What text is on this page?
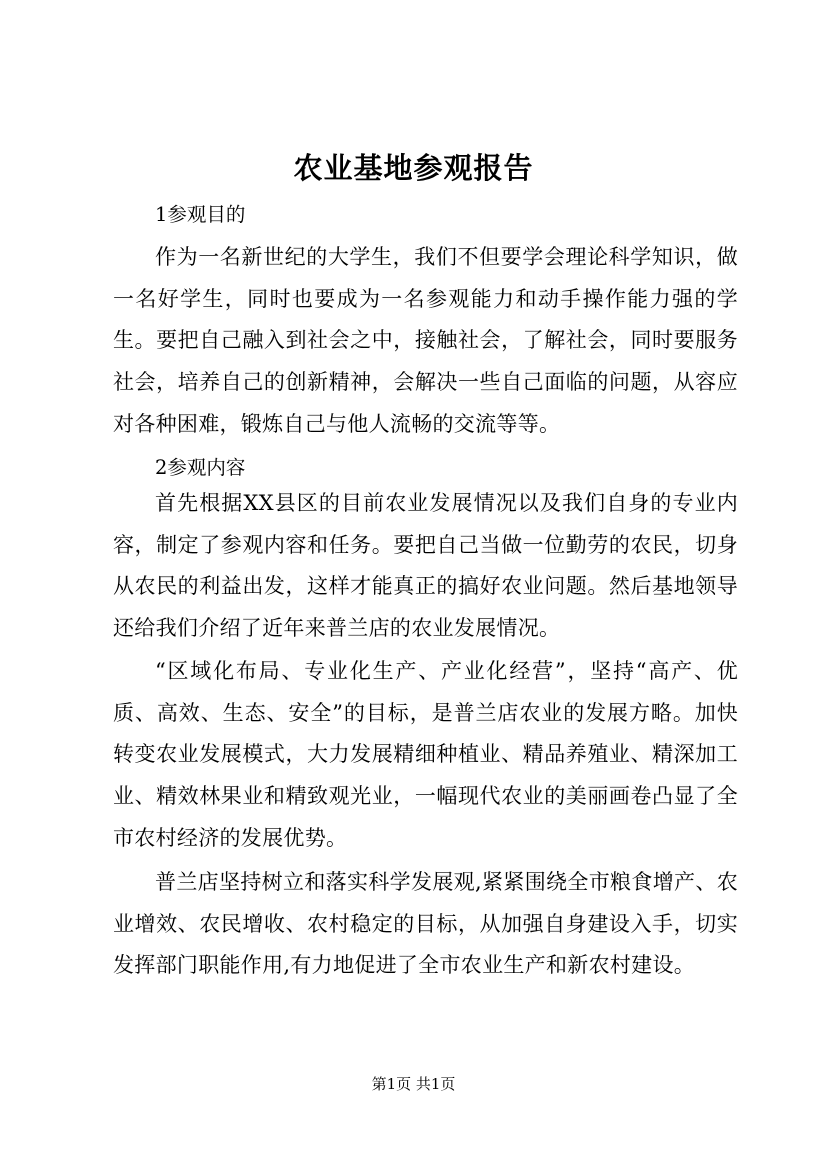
农业基地参观报告
1参观目的
作为一名新世纪的大学生，我们不但要学会理论科学知识，做一名好学生，同时也要成为一名参观能力和动手操作能力强的学生。要把自己融入到社会之中，接触社会，了解社会，同时要服务社会，培养自己的创新精神，会解决一些自己面临的问题，从容应对各种困难，锻炼自己与他人流畅的交流等等。
2参观内容
首先根据XX县区的目前农业发展情况以及我们自身的专业内容，制定了参观内容和任务。要把自己当做一位勤劳的农民，切身从农民的利益出发，这样才能真正的搞好农业问题。然后基地领导还给我们介绍了近年来普兰店的农业发展情况。
“区域化布局、专业化生产、产业化经营”，坚持“高产、优质、高效、生态、安全”的目标，是普兰店农业的发展方略。加快转变农业发展模式，大力发展精细种植业、精品养殖业、精深加工业、精效林果业和精致观光业，一幅现代农业的美丽画卷凸显了全市农村经济的发展优势。
普兰店坚持树立和落实科学发展观,紧紧围绕全市粮食增产、农业增效、农民增收、农村稳定的目标，从加强自身建设入手，切实发挥部门职能作用,有力地促进了全市农业生产和新农村建设。
第1页 共1页
